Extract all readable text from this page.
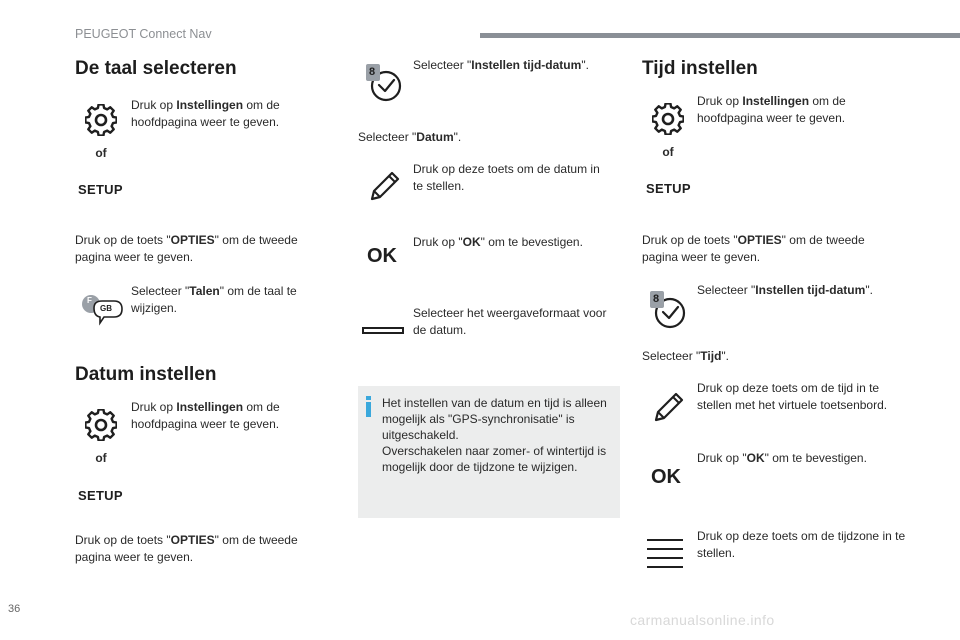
PEUGEOT Connect Nav
De taal selecteren
of
SETUP
Druk op Instellingen om de hoofdpagina weer te geven.
Druk op de toets "OPTIES" om de tweede pagina weer te geven.
F
GB
Selecteer "Talen" om de taal te wijzigen.
Datum instellen
of
SETUP
Druk op Instellingen om de hoofdpagina weer te geven.
Druk op de toets "OPTIES" om de tweede pagina weer te geven.
8	Selecteer "Instellen tijd-datum".
Selecteer "Datum".
Druk op deze toets om de datum in te stellen.
OK
Druk op "OK" om te bevestigen.
Selecteer het weergaveformaat voor de datum.
Het instellen van de datum en tijd is alleen mogelijk als "GPS-synchronisatie" is uitgeschakeld.
Overschakelen naar zomer- of wintertijd is mogelijk door de tijdzone te wijzigen.
Tijd instellen
of
SETUP
Druk op Instellingen om de hoofdpagina weer te geven.
Druk op de toets "OPTIES" om de tweede pagina weer te geven.
8
Selecteer "Instellen tijd-datum".
Selecteer "Tijd".
Druk op deze toets om de tijd in te stellen met het virtuele toetsenbord.
OK
Druk op "OK" om te bevestigen.
Druk op deze toets om de tijdzone in te stellen.
36
carmanualsonline.info
